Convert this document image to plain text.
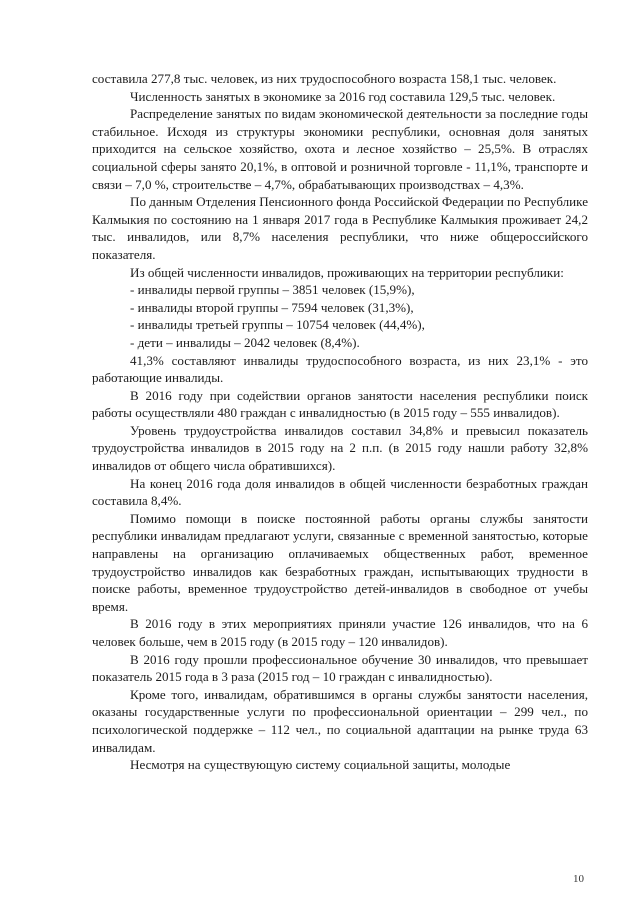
составила 277,8 тыс. человек, из них трудоспособного возраста 158,1 тыс. человек.

Численность занятых в экономике за 2016 год составила 129,5 тыс. человек.

Распределение занятых по видам экономической деятельности за последние годы стабильное. Исходя из структуры экономики республики, основная доля занятых приходится на сельское хозяйство, охота и лесное хозяйство – 25,5%. В отраслях социальной сферы занято 20,1%, в оптовой и розничной торговле - 11,1%, транспорте и связи – 7,0 %, строительстве – 4,7%, обрабатывающих производствах – 4,3%.

По данным Отделения Пенсионного фонда Российской Федерации по Республике Калмыкия по состоянию на 1 января 2017 года в Республике Калмыкия проживает 24,2 тыс. инвалидов, или 8,7% населения республики, что ниже общероссийского показателя.

Из общей численности инвалидов, проживающих на территории республики:

- инвалиды первой группы – 3851 человек (15,9%),
- инвалиды второй группы – 7594 человек (31,3%),
- инвалиды третьей группы – 10754 человек (44,4%),
- дети – инвалиды – 2042 человек (8,4%).

41,3% составляют инвалиды трудоспособного возраста, из них 23,1% - это работающие инвалиды.

В 2016 году при содействии органов занятости населения республики поиск работы осуществляли 480 граждан с инвалидностью (в 2015 году – 555 инвалидов).

Уровень трудоустройства инвалидов составил 34,8% и превысил показатель трудоустройства инвалидов в 2015 году на 2 п.п. (в 2015 году нашли работу 32,8% инвалидов от общего числа обратившихся).

На конец 2016 года доля инвалидов в общей численности безработных граждан составила 8,4%.

Помимо помощи в поиске постоянной работы органы службы занятости республики инвалидам предлагают услуги, связанные с временной занятостью, которые направлены на организацию оплачиваемых общественных работ, временное трудоустройство инвалидов как безработных граждан, испытывающих трудности в поиске работы, временное трудоустройство детей-инвалидов в свободное от учебы время.

В 2016 году в этих мероприятиях приняли участие 126 инвалидов, что на 6 человек больше, чем в 2015 году (в 2015 году – 120 инвалидов).

В 2016 году прошли профессиональное обучение 30 инвалидов, что превышает показатель 2015 года в 3 раза (2015 год – 10 граждан с инвалидностью).

Кроме того, инвалидам, обратившимся в органы службы занятости населения, оказаны государственные услуги по профессиональной ориентации – 299 чел., по психологической поддержке – 112 чел., по социальной адаптации на рынке труда 63 инвалидам.

Несмотря на существующую систему социальной защиты, молодые

10
